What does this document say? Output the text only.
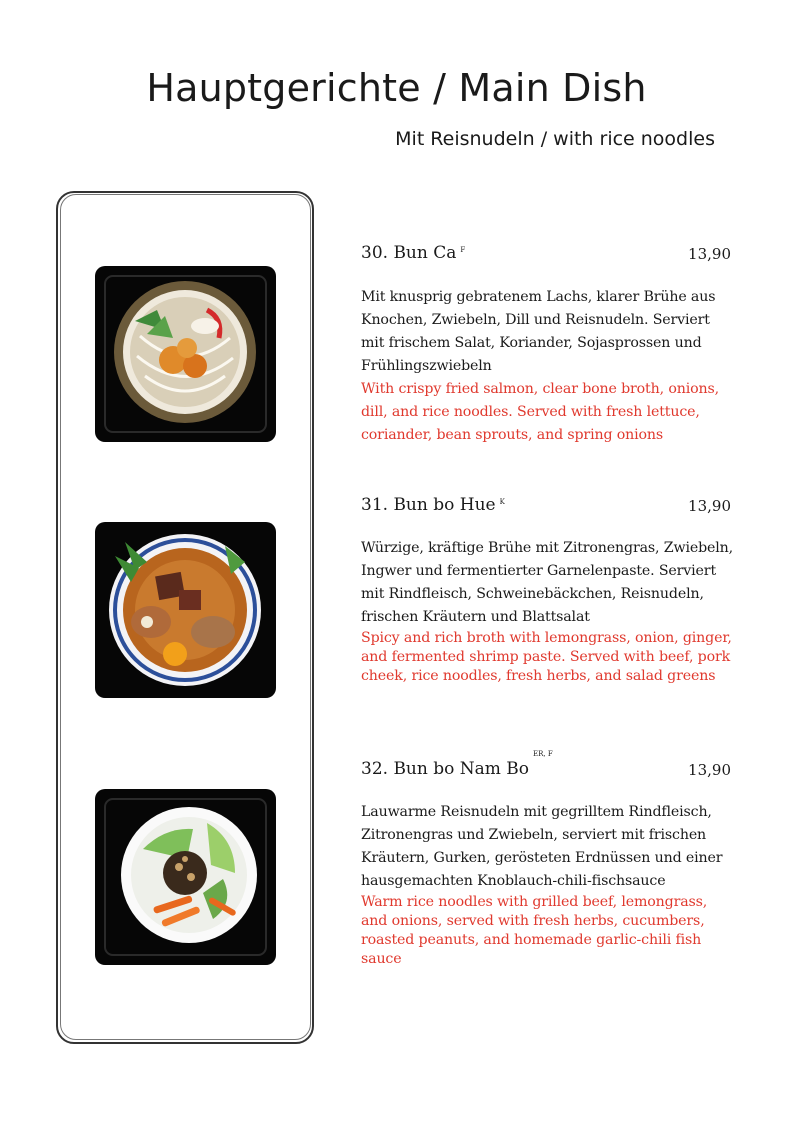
Hauptgerichte / Main Dish

Mit Reisnudeln / with rice noodles

30. Bun Ca $^F$	13,90

Mit knusprig gebratenem Lachs, klarer Brühe aus Knochen, Zwiebeln, Dill und Reisnudeln. Serviert mit frischem Salat, Koriander, Sojasprossen und Frühlingszwiebeln

With crispy fried salmon, clear bone broth, onions, dill, and rice noodles. Served with fresh lettuce, coriander, bean sprouts, and spring onions

31. Bun bo Hue $^K$	13,90

Würzige, kräftige Brühe mit Zitronengras, Zwiebeln, Ingwer und fermentierter Garnelenpaste. Serviert mit Rindfleisch, Schweinebäckchen, Reisnudeln, frischen Kräutern und Blattsalat

Spicy and rich broth with lemongrass, onion, ginger, and fermented shrimp paste. Served with beef, pork cheek, rice noodles, fresh herbs, and salad greens

32. Bun bo Nam $Bo^{ER, F}$
13,90

Lauwarme Reisnudeln mit gegrilltem Rindfleisch, Zitronengras und Zwiebeln, serviert mit frischen Kräutern, Gurken, gerösteten Erdnüssen und einer hausgemachten Knoblauch-chili-fischsauce

Warm rice noodles with grilled beef, lemongrass, and onions, served with fresh herbs, cucumbers, roasted peanuts, and homemade garlic-chili fish sauce
